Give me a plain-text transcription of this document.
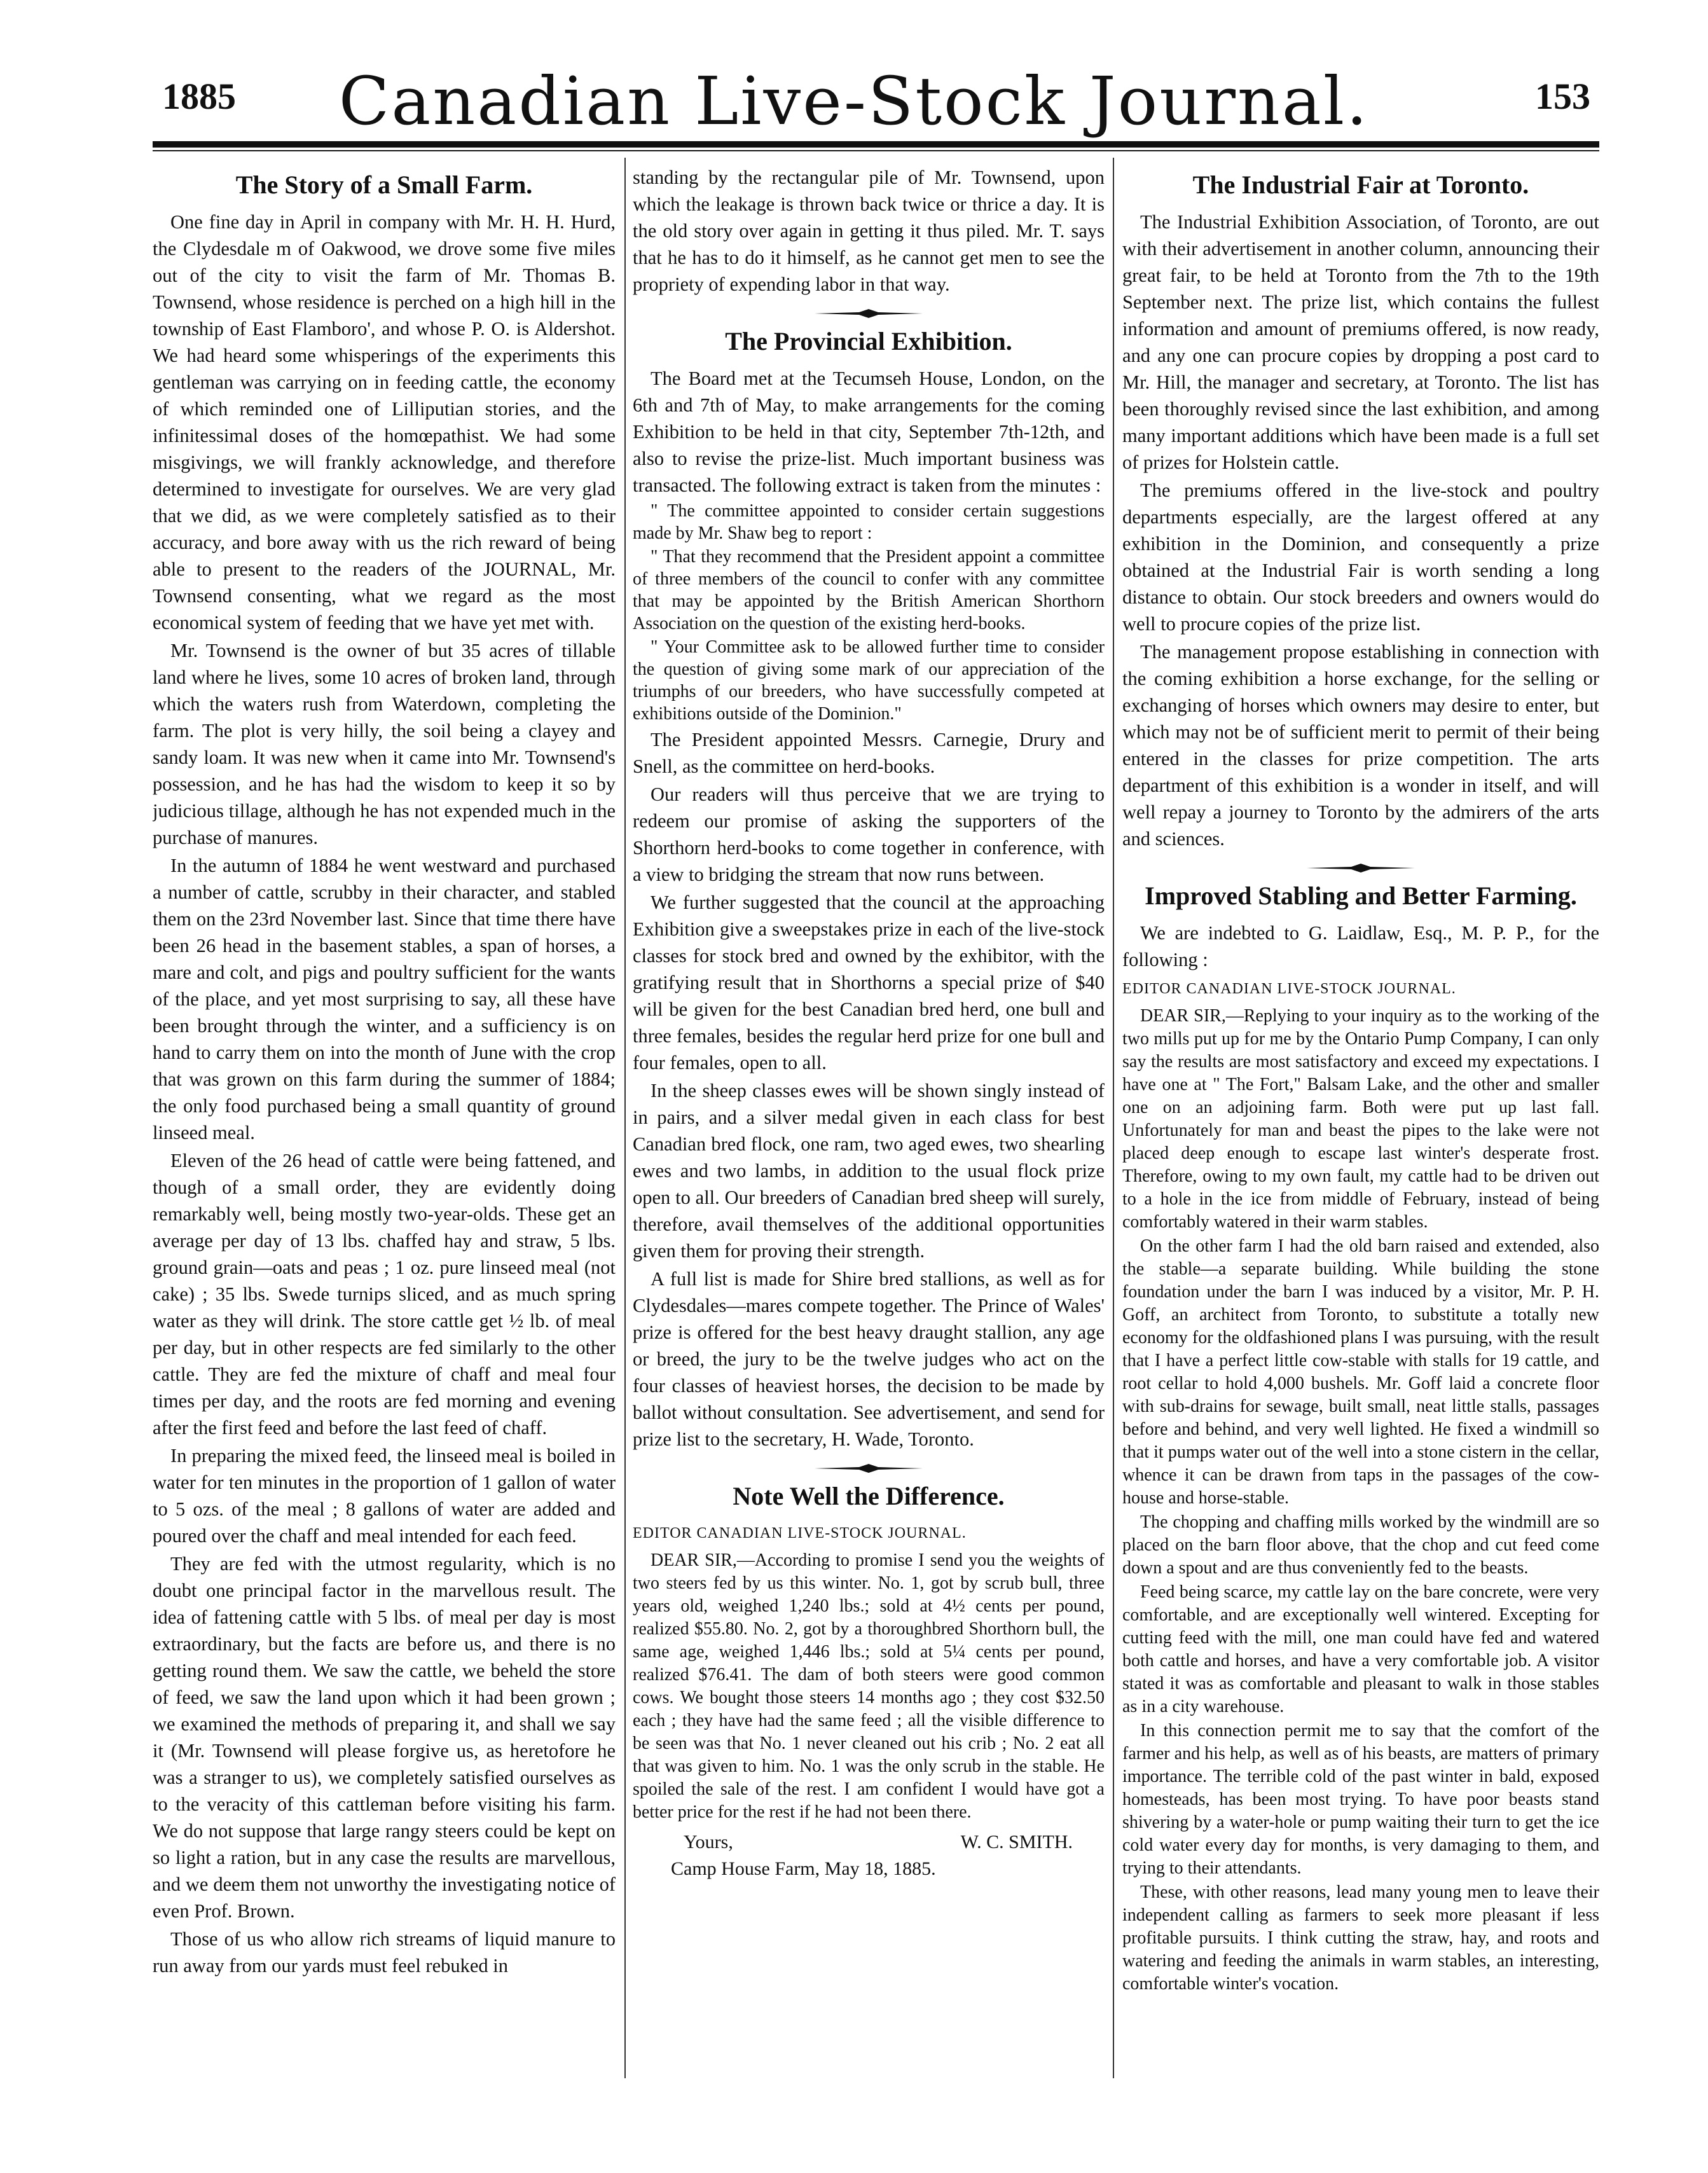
1885	Canadian Live-Stock Journal.	153
The Story of a Small Farm.

One fine day in April in company with Mr. H. H. Hurd, the Clydesdale m of Oakwood, we drove some five miles out of the city to visit the farm of Mr. Thomas B. Townsend, whose residence is perched on a high hill in the township of East Flamboro', and whose P. O. is Aldershot. We had heard some whisperings of the experiments this gentleman was carrying on in feeding cattle, the economy of which reminded one of Lilliputian stories, and the infinitessimal doses of the homœpathist. We had some misgivings, we will frankly acknowledge, and therefore determined to investigate for ourselves. We are very glad that we did, as we were completely satisfied as to their accuracy, and bore away with us the rich reward of being able to present to the readers of the JOURNAL, Mr. Townsend consenting, what we regard as the most economical system of feeding that we have yet met with.

Mr. Townsend is the owner of but 35 acres of tillable land where he lives, some 10 acres of broken land, through which the waters rush from Waterdown, completing the farm. The plot is very hilly, the soil being a clayey and sandy loam. It was new when it came into Mr. Townsend's possession, and he has had the wisdom to keep it so by judicious tillage, although he has not expended much in the purchase of manures.

In the autumn of 1884 he went westward and purchased a number of cattle, scrubby in their character, and stabled them on the 23rd November last. Since that time there have been 26 head in the basement stables, a span of horses, a mare and colt, and pigs and poultry sufficient for the wants of the place, and yet most surprising to say, all these have been brought through the winter, and a sufficiency is on hand to carry them on into the month of June with the crop that was grown on this farm during the summer of 1884; the only food purchased being a small quantity of ground linseed meal.

Eleven of the 26 head of cattle were being fattened, and though of a small order, they are evidently doing remarkably well, being mostly two-year-olds. These get an average per day of 13 lbs. chaffed hay and straw, 5 lbs. ground grain—oats and peas ; 1 oz. pure linseed meal (not cake) ; 35 lbs. Swede turnips sliced, and as much spring water as they will drink. The store cattle get ½ lb. of meal per day, but in other respects are fed similarly to the other cattle. They are fed the mixture of chaff and meal four times per day, and the roots are fed morning and evening after the first feed and before the last feed of chaff.

In preparing the mixed feed, the linseed meal is boiled in water for ten minutes in the proportion of 1 gallon of water to 5 ozs. of the meal ; 8 gallons of water are added and poured over the chaff and meal intended for each feed.

They are fed with the utmost regularity, which is no doubt one principal factor in the marvellous result. The idea of fattening cattle with 5 lbs. of meal per day is most extraordinary, but the facts are before us, and there is no getting round them. We saw the cattle, we beheld the store of feed, we saw the land upon which it had been grown ; we examined the methods of preparing it, and shall we say it (Mr. Townsend will please forgive us, as heretofore he was a stranger to us), we completely satisfied ourselves as to the veracity of this cattleman before visiting his farm. We do not suppose that large rangy steers could be kept on so light a ration, but in any case the results are marvellous, and we deem them not unworthy the investigating notice of even Prof. Brown.

Those of us who allow rich streams of liquid manure to run away from our yards must feel rebuked in

standing by the rectangular pile of Mr. Townsend, upon which the leakage is thrown back twice or thrice a day. It is the old story over again in getting it thus piled. Mr. T. says that he has to do it himself, as he cannot get men to see the propriety of expending labor in that way.

The Provincial Exhibition.

The Board met at the Tecumseh House, London, on the 6th and 7th of May, to make arrangements for the coming Exhibition to be held in that city, September 7th-12th, and also to revise the prize-list. Much important business was transacted. The following extract is taken from the minutes :

" The committee appointed to consider certain suggestions made by Mr. Shaw beg to report :

" That they recommend that the President appoint a committee of three members of the council to confer with any committee that may be appointed by the British American Shorthorn Association on the question of the existing herd-books.

" Your Committee ask to be allowed further time to consider the question of giving some mark of our appreciation of the triumphs of our breeders, who have successfully competed at exhibitions outside of the Dominion."

The President appointed Messrs. Carnegie, Drury and Snell, as the committee on herd-books.

Our readers will thus perceive that we are trying to redeem our promise of asking the supporters of the Shorthorn herd-books to come together in conference, with a view to bridging the stream that now runs between.

We further suggested that the council at the approaching Exhibition give a sweepstakes prize in each of the live-stock classes for stock bred and owned by the exhibitor, with the gratifying result that in Shorthorns a special prize of $40 will be given for the best Canadian bred herd, one bull and three females, besides the regular herd prize for one bull and four females, open to all.

In the sheep classes ewes will be shown singly instead of in pairs, and a silver medal given in each class for best Canadian bred flock, one ram, two aged ewes, two shearling ewes and two lambs, in addition to the usual flock prize open to all. Our breeders of Canadian bred sheep will surely, therefore, avail themselves of the additional opportunities given them for proving their strength.

A full list is made for Shire bred stallions, as well as for Clydesdales—mares compete together. The Prince of Wales' prize is offered for the best heavy draught stallion, any age or breed, the jury to be the twelve judges who act on the four classes of heaviest horses, the decision to be made by ballot without consultation. See advertisement, and send for prize list to the secretary, H. Wade, Toronto.

Note Well the Difference.

EDITOR CANADIAN LIVE-STOCK JOURNAL.

DEAR SIR,—According to promise I send you the weights of two steers fed by us this winter. No. 1, got by scrub bull, three years old, weighed 1,240 lbs.; sold at 4½ cents per pound, realized $55.80. No. 2, got by a thoroughbred Shorthorn bull, the same age, weighed 1,446 lbs.; sold at 5¼ cents per pound, realized $76.41. The dam of both steers were good common cows. We bought those steers 14 months ago ; they cost $32.50 each ; they have had the same feed ; all the visible difference to be seen was that No. 1 never cleaned out his crib ; No. 2 eat all that was given to him. No. 1 was the only scrub in the stable. He spoiled the sale of the rest. I am confident I would have got a better price for the rest if he had not been there.

Yours,	W. C. SMITH.
Camp House Farm, May 18, 1885.
The Industrial Fair at Toronto.

The Industrial Exhibition Association, of Toronto, are out with their advertisement in another column, announcing their great fair, to be held at Toronto from the 7th to the 19th September next. The prize list, which contains the fullest information and amount of premiums offered, is now ready, and any one can procure copies by dropping a post card to Mr. Hill, the manager and secretary, at Toronto. The list has been thoroughly revised since the last exhibition, and among many important additions which have been made is a full set of prizes for Holstein cattle.

The premiums offered in the live-stock and poultry departments especially, are the largest offered at any exhibition in the Dominion, and consequently a prize obtained at the Industrial Fair is worth sending a long distance to obtain. Our stock breeders and owners would do well to procure copies of the prize list.

The management propose establishing in connection with the coming exhibition a horse exchange, for the selling or exchanging of horses which owners may desire to enter, but which may not be of sufficient merit to permit of their being entered in the classes for prize competition. The arts department of this exhibition is a wonder in itself, and will well repay a journey to Toronto by the admirers of the arts and sciences.

Improved Stabling and Better Farming.

We are indebted to G. Laidlaw, Esq., M. P. P., for the following :

EDITOR CANADIAN LIVE-STOCK JOURNAL.

DEAR SIR,—Replying to your inquiry as to the working of the two mills put up for me by the Ontario Pump Company, I can only say the results are most satisfactory and exceed my expectations. I have one at " The Fort," Balsam Lake, and the other and smaller one on an adjoining farm. Both were put up last fall. Unfortunately for man and beast the pipes to the lake were not placed deep enough to escape last winter's desperate frost. Therefore, owing to my own fault, my cattle had to be driven out to a hole in the ice from middle of February, instead of being comfortably watered in their warm stables.

On the other farm I had the old barn raised and extended, also the stable—a separate building. While building the stone foundation under the barn I was induced by a visitor, Mr. P. H. Goff, an architect from Toronto, to substitute a totally new economy for the oldfashioned plans I was pursuing, with the result that I have a perfect little cow-stable with stalls for 19 cattle, and root cellar to hold 4,000 bushels. Mr. Goff laid a concrete floor with sub-drains for sewage, built small, neat little stalls, passages before and behind, and very well lighted. He fixed a windmill so that it pumps water out of the well into a stone cistern in the cellar, whence it can be drawn from taps in the passages of the cow-house and horse-stable.

The chopping and chaffing mills worked by the windmill are so placed on the barn floor above, that the chop and cut feed come down a spout and are thus conveniently fed to the beasts.

Feed being scarce, my cattle lay on the bare concrete, were very comfortable, and are exceptionally well wintered. Excepting for cutting feed with the mill, one man could have fed and watered both cattle and horses, and have a very comfortable job. A visitor stated it was as comfortable and pleasant to walk in those stables as in a city warehouse.

In this connection permit me to say that the comfort of the farmer and his help, as well as of his beasts, are matters of primary importance. The terrible cold of the past winter in bald, exposed homesteads, has been most trying. To have poor beasts stand shivering by a water-hole or pump waiting their turn to get the ice cold water every day for months, is very damaging to them, and trying to their attendants.

These, with other reasons, lead many young men to leave their independent calling as farmers to seek more pleasant if less profitable pursuits. I think cutting the straw, hay, and roots and watering and feeding the animals in warm stables, an interesting, comfortable winter's vocation.
